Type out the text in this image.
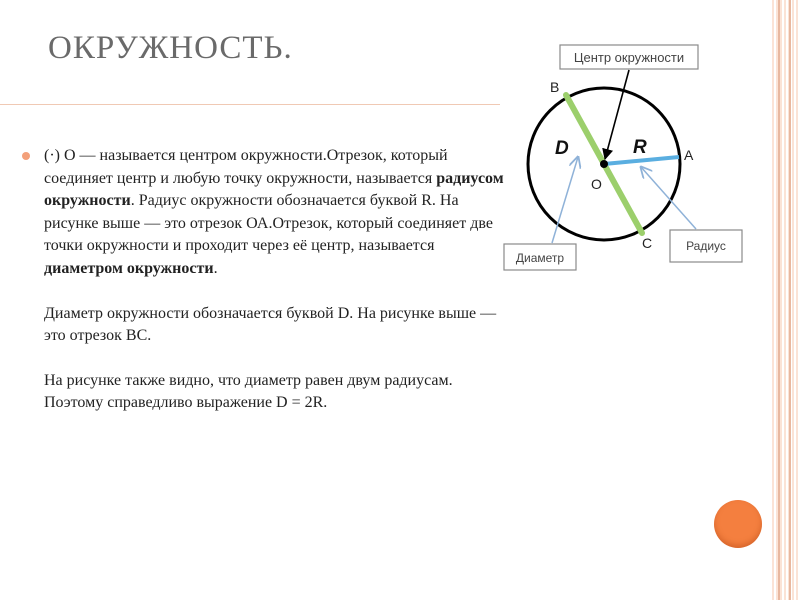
ОКРУЖНОСТЬ.

(·) О — называется центром окружности.Отрезок, который соединяет центр и любую точку окружности, называется радиусом окружности. Радиус окружности обозначается буквой R. На рисунке выше — это отрезок ОА.Отрезок, который соединяет две точки окружности и проходит через её центр, называется диаметром окружности.

Диаметр окружности обозначается буквой D. На рисунке выше — это отрезок ВС.

На рисунке также видно, что диаметр равен двум радиусам. Поэтому справедливо выражение D = 2R.

Центр окружности
Диаметр
Радиус
B
A
C
O
D	R
